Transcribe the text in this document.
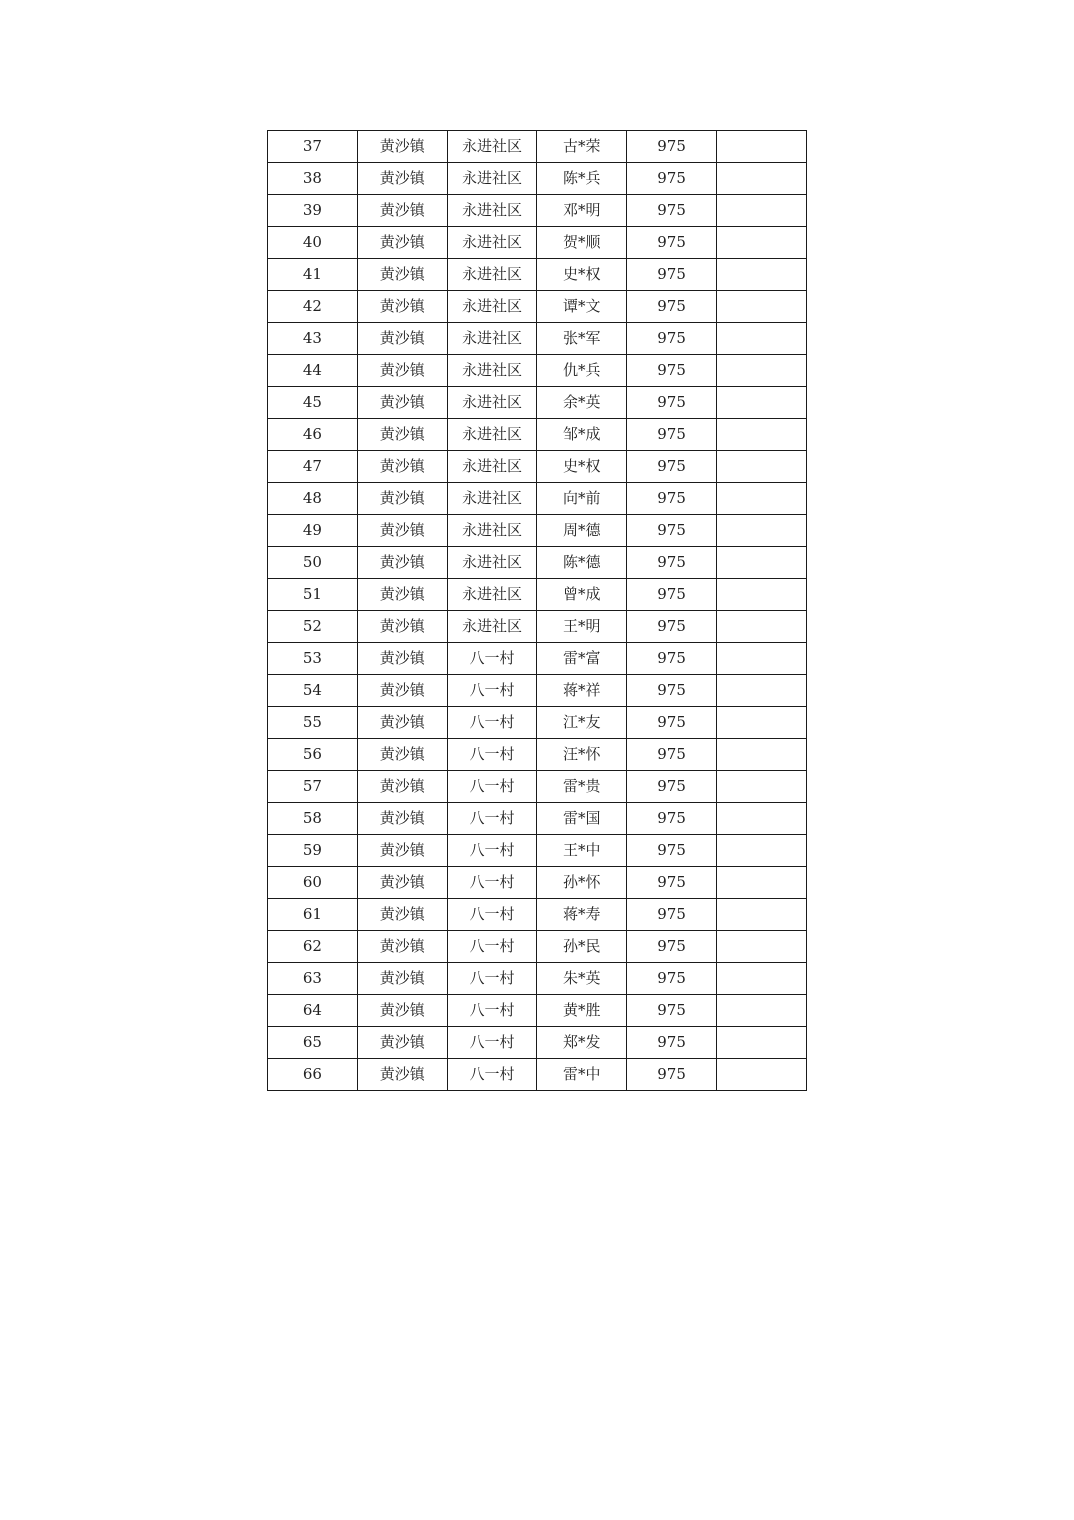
37	黄沙镇	永进社区	古*荣	975	
38	黄沙镇	永进社区	陈*兵	975	
39	黄沙镇	永进社区	邓*明	975	
40	黄沙镇	永进社区	贺*顺	975	
41	黄沙镇	永进社区	史*权	975	
42	黄沙镇	永进社区	谭*文	975	
43	黄沙镇	永进社区	张*军	975	
44	黄沙镇	永进社区	仇*兵	975	
45	黄沙镇	永进社区	余*英	975	
46	黄沙镇	永进社区	邹*成	975	
47	黄沙镇	永进社区	史*权	975	
48	黄沙镇	永进社区	向*前	975	
49	黄沙镇	永进社区	周*德	975	
50	黄沙镇	永进社区	陈*德	975	
51	黄沙镇	永进社区	曾*成	975	
52	黄沙镇	永进社区	王*明	975	
53	黄沙镇	八一村	雷*富	975	
54	黄沙镇	八一村	蒋*祥	975	
55	黄沙镇	八一村	江*友	975	
56	黄沙镇	八一村	汪*怀	975	
57	黄沙镇	八一村	雷*贵	975	
58	黄沙镇	八一村	雷*国	975	
59	黄沙镇	八一村	王*中	975	
60	黄沙镇	八一村	孙*怀	975	
61	黄沙镇	八一村	蒋*寿	975	
62	黄沙镇	八一村	孙*民	975	
63	黄沙镇	八一村	朱*英	975	
64	黄沙镇	八一村	黄*胜	975	
65	黄沙镇	八一村	郑*发	975	
66	黄沙镇	八一村	雷*中	975	
